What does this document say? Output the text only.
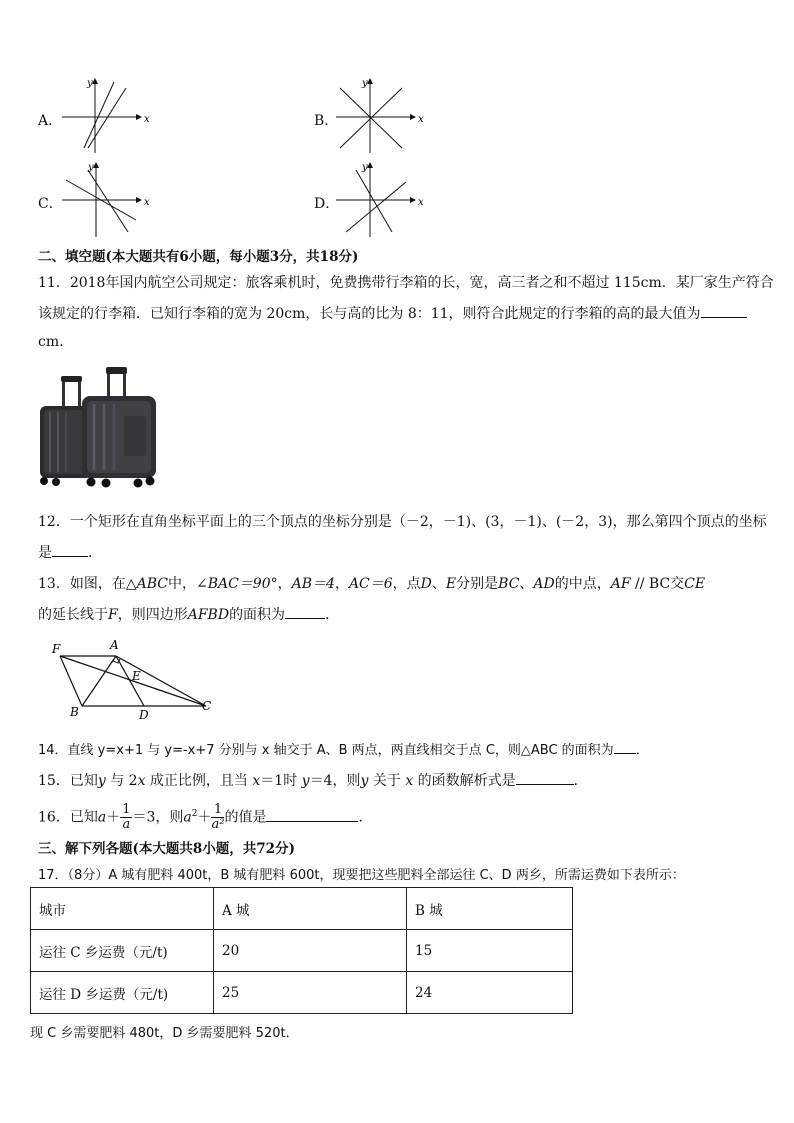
A．	x
y
B．	x
y
C．	x
y
D．	x
y
二、填空题(本大题共有6小题，每小题3分，共18分)
11．2018年国内航空公司规定：旅客乘机时，免费携带行李箱的长，宽，高三者之和不超过 115cm．某厂家生产符合
该规定的行李箱．已知行李箱的宽为 20cm，长与高的比为 8：11，则符合此规定的行李箱的高的最大值为
cm.
12．一个矩形在直角坐标平面上的三个顶点的坐标分别是（－2，－1)、(3，－1)、(－2，3)，那么第四个顶点的坐标
是	．
13．如图，在△ABC中，∠BAC＝90°，AB＝4，AC＝6，点D、E分别是BC、AD的中点，AF // BC交CE
的延长线于F，则四边形AFBD的面积为	．
F	A
E
B	D
C
14．直线 y=x+1 与 y=-x+7 分别与 x 轴交于 A、B 两点，两直线相交于点 C，则△ABC 的面积为 ．
15．已知y 与 2x 成正比例，且当 x＝1时 y＝4，则y 关于 x 的函数解析式是	．
16．已知$a+ \frac{1}{a} =3$，则$a^2+ \frac{1}{\text{a²}}$ 的值是	．
三、解下列各题(本大题共8小题，共72分)
17．（8分）A 城有肥料 400t，B 城有肥料 600t，现要把这些肥料全部运往 C、D 两乡，所需运费如下表所示：
城市	A 城	B 城
运往 C 乡运费（元/t)	20	15
运往 D 乡运费（元/t)	25	24
现 C 乡需要肥料 480t，D 乡需要肥料 520t．
